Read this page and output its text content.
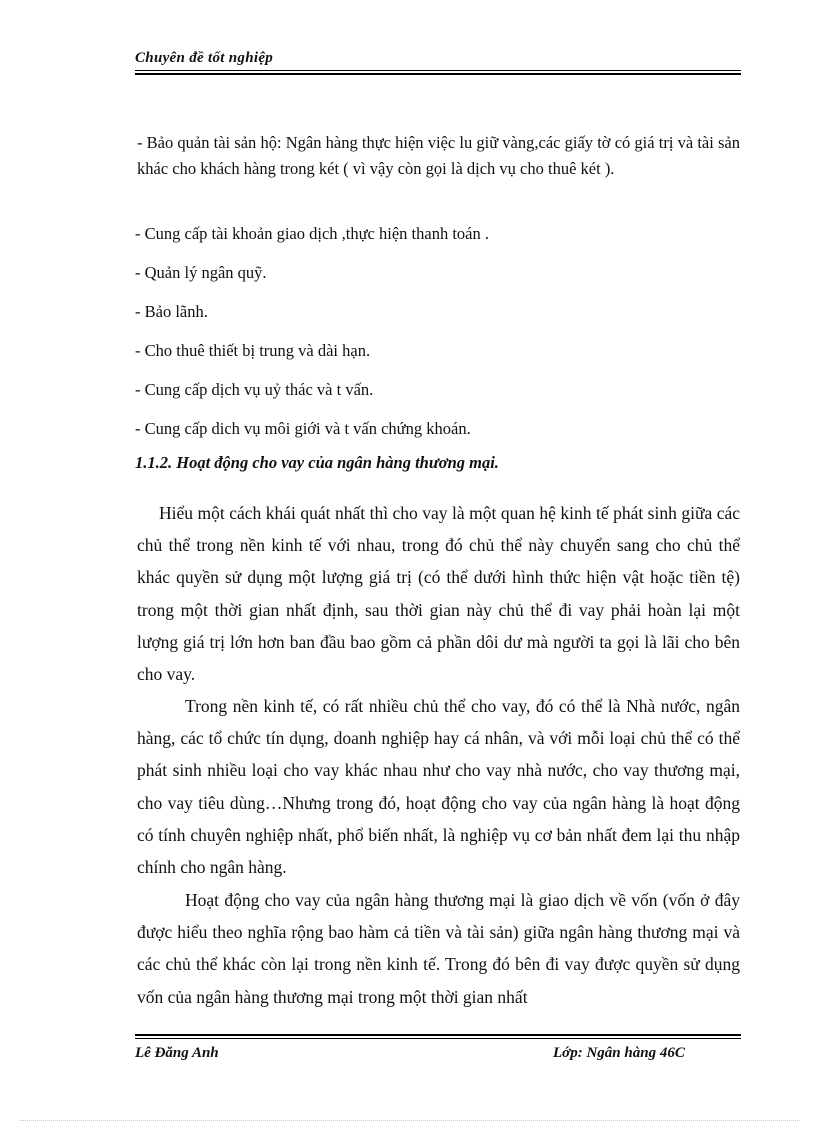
Chuyên đề tốt nghiệp
- Bảo quản tài sản hộ: Ngân hàng thực hiện việc lu giữ vàng,các giấy tờ có giá trị và tài sản khác cho khách hàng trong két ( vì vậy còn gọi là dịch vụ cho thuê két ).
- Cung cấp tài khoản giao dịch ,thực hiện thanh toán .
- Quản lý ngân quỹ.
- Bảo lãnh.
- Cho thuê thiết bị trung và dài hạn.
- Cung cấp dịch vụ uỷ thác và t vấn.
- Cung cấp dich vụ môi giới và t vấn chứng khoán.
1.1.2. Hoạt động cho vay của ngân hàng thương mại.
Hiểu một cách khái quát nhất thì cho vay là một quan hệ kinh tế phát sinh giữa các chủ thể trong nền kinh tế với nhau, trong đó chủ thể này chuyển sang cho chủ thể khác quyền sử dụng một lượng giá trị (có thể dưới hình thức hiện vật hoặc tiền tệ) trong một thời gian nhất định, sau thời gian này chủ thể đi vay phải hoàn lại một lượng giá trị lớn hơn ban đầu bao gồm cả phần dôi dư mà người ta gọi là lãi cho bên cho vay.
Trong nền kinh tế, có rất nhiều chủ thể cho vay, đó có thể là Nhà nước, ngân hàng, các tổ chức tín dụng, doanh nghiệp hay cá nhân, và với mỗi loại chủ thể có thể phát sinh nhiều loại cho vay khác nhau như cho vay nhà nước, cho vay thương mại, cho vay tiêu dùng…Nhưng trong đó, hoạt động cho vay của ngân hàng là hoạt động có tính chuyên nghiệp nhất, phổ biến nhất, là nghiệp vụ cơ bản nhất đem lại thu nhập chính cho ngân hàng.
Hoạt động cho vay của ngân hàng thương mại là giao dịch về vốn (vốn ở đây được hiểu theo nghĩa rộng bao hàm cả tiền và tài sản) giữa ngân hàng thương mại và các chủ thể khác còn lại trong nền kinh tế. Trong đó bên đi vay được quyền sử dụng vốn của ngân hàng thương mại trong một thời gian nhất
Lê Đăng Anh	Lớp: Ngân hàng 46C
